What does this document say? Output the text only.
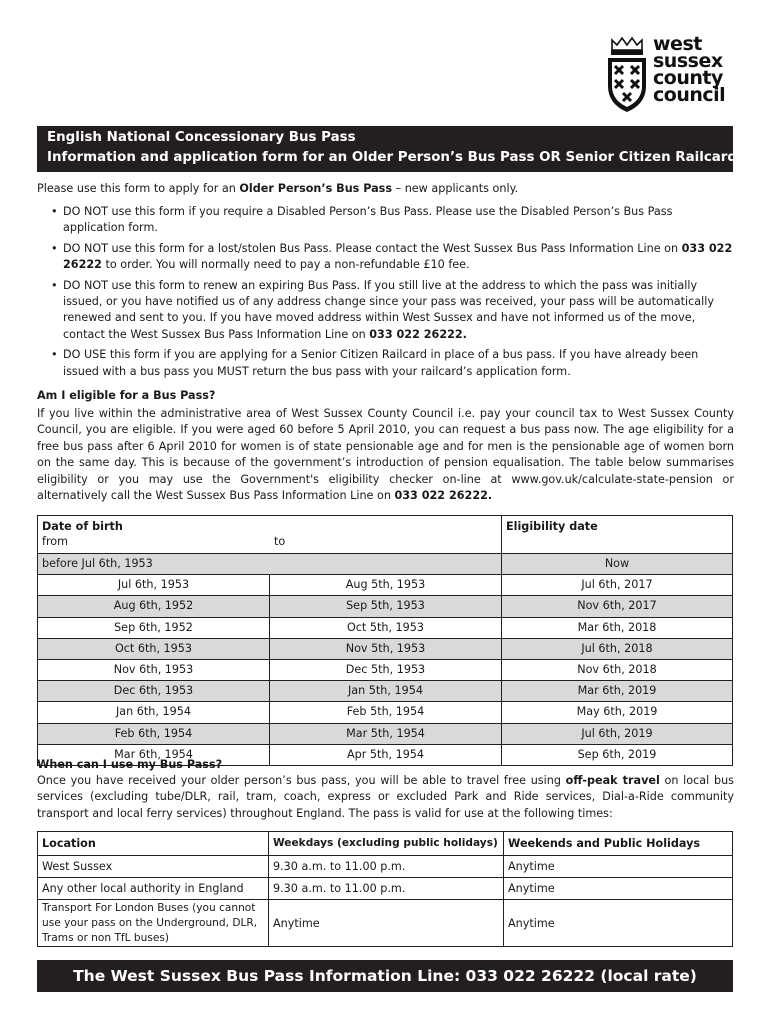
west
sussex
county
council
English National Concessionary Bus Pass
Information and application form for an Older Person’s Bus Pass OR Senior Citizen Railcard
Please use this form to apply for an Older Person’s Bus Pass – new applicants only.
• DO NOT use this form if you require a Disabled Person’s Bus Pass. Please use the Disabled Person’s Bus Pass application form.
• DO NOT use this form for a lost/stolen Bus Pass. Please contact the West Sussex Bus Pass Information Line on 033 022 26222 to order. You will normally need to pay a non-refundable £10 fee.
• DO NOT use this form to renew an expiring Bus Pass. If you still live at the address to which the pass was initially issued, or you have notified us of any address change since your pass was received, your pass will be automatically renewed and sent to you. If you have moved address within West Sussex and have not informed us of the move, contact the West Sussex Bus Pass Information Line on 033 022 26222.
• DO USE this form if you are applying for a Senior Citizen Railcard in place of a bus pass. If you have already been issued with a bus pass you MUST return the bus pass with your railcard’s application form.
Am I eligible for a Bus Pass?
If you live within the administrative area of West Sussex County Council i.e. pay your council tax to West Sussex County Council, you are eligible. If you were aged 60 before 5 April 2010, you can request a bus pass now. The age eligibility for a free bus pass after 6 April 2010 for women is of state pensionable age and for men is the pensionable age of women born on the same day. This is because of the government’s introduction of pension equalisation. The table below summarises eligibility or you may use the Government's eligibility checker on-line at www.gov.uk/calculate-state-pension or alternatively call the West Sussex Bus Pass Information Line on 033 022 26222.
Date of birth
from to		Eligibility date
before Jul 6th, 1953		Now
Jul 6th, 1953	Aug 5th, 1953	Jul 6th, 2017
Aug 6th, 1952	Sep 5th, 1953	Nov 6th, 2017
Sep 6th, 1952	Oct 5th, 1953	Mar 6th, 2018
Oct 6th, 1953	Nov 5th, 1953	Jul 6th, 2018
Nov 6th, 1953	Dec 5th, 1953	Nov 6th, 2018
Dec 6th, 1953	Jan 5th, 1954	Mar 6th, 2019
Jan 6th, 1954	Feb 5th, 1954	May 6th, 2019
Feb 6th, 1954	Mar 5th, 1954	Jul 6th, 2019
Mar 6th, 1954	Apr 5th, 1954	Sep 6th, 2019
When can I use my Bus Pass?
Once you have received your older person’s bus pass, you will be able to travel free using off-peak travel on local bus services (excluding tube/DLR, rail, tram, coach, express or excluded Park and Ride services, Dial-a-Ride community transport and local ferry services) throughout England. The pass is valid for use at the following times:
Location	Weekdays (excluding public holidays)	Weekends and Public Holidays
West Sussex	9.30 a.m. to 11.00 p.m.	Anytime
Any other local authority in England	9.30 a.m. to 11.00 p.m.	Anytime
Transport For London Buses (you cannot use your pass on the Underground, DLR, Trams or non TfL buses)	Anytime	Anytime
The West Sussex Bus Pass Information Line: 033 022 26222 (local rate)
